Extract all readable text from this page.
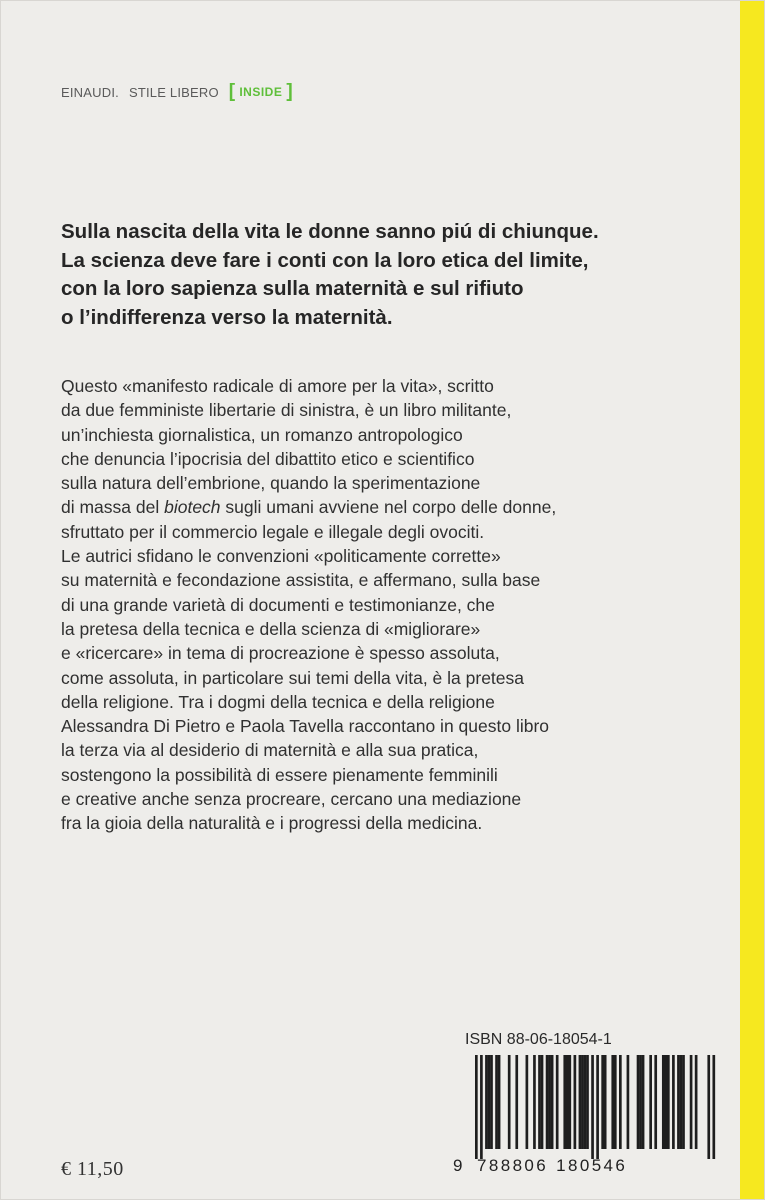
EINAUDI. STILE LIBERO [ INSIDE ]

Sulla nascita della vita le donne sanno piú di chiunque.

La scienza deve fare i conti con la loro etica del limite,

con la loro sapienza sulla maternità e sul rifiuto

o l’indifferenza verso la maternità.

Questo «manifesto radicale di amore per la vita», scritto

da due femministe libertarie di sinistra, è un libro militante,

un’inchiesta giornalistica, un romanzo antropologico

che denuncia l’ipocrisia del dibattito etico e scientifico

sulla natura dell’embrione, quando la sperimentazione

di massa del biotech sugli umani avviene nel corpo delle donne,

sfruttato per il commercio legale e illegale degli ovociti.

Le autrici sfidano le convenzioni «politicamente corrette»

su maternità e fecondazione assistita, e affermano, sulla base

di una grande varietà di documenti e testimonianze, che

la pretesa della tecnica e della scienza di «migliorare»

e «ricercare» in tema di procreazione è spesso assoluta,

come assoluta, in particolare sui temi della vita, è la pretesa

della religione. Tra i dogmi della tecnica e della religione

Alessandra Di Pietro e Paola Tavella raccontano in questo libro

la terza via al desiderio di maternità e alla sua pratica,

sostengono la possibilità di essere pienamente femminili

e creative anche senza procreare, cercano una mediazione

fra la gioia della naturalità e i progressi della medicina.

ISBN 88-06-18054-1
9 788806 180546
€ 11,50
